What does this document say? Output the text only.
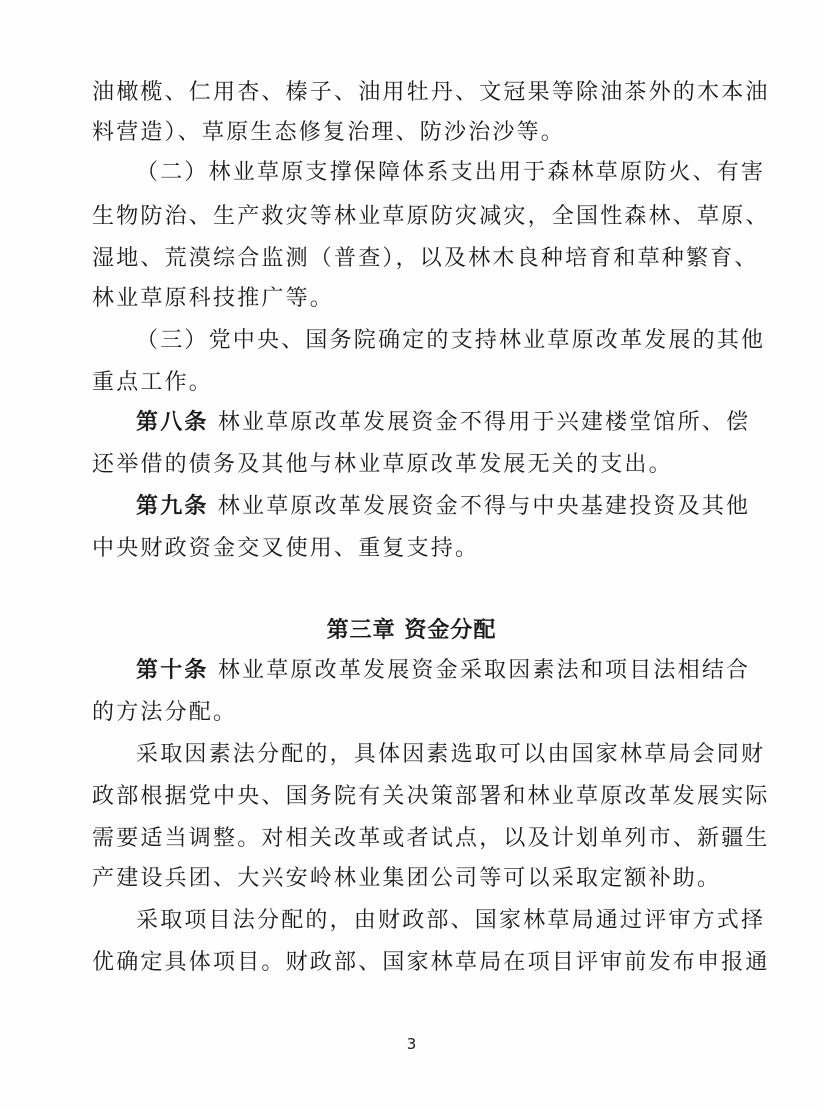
油橄榄、仁用杏、榛子、油用牡丹、文冠果等除油茶外的木本油
料营造）、草原生态修复治理、防沙治沙等。
（二）林业草原支撑保障体系支出用于森林草原防火、有害
生物防治、生产救灾等林业草原防灾减灾，全国性森林、草原、
湿地、荒漠综合监测（普查），以及林木良种培育和草种繁育、
林业草原科技推广等。
（三）党中央、国务院确定的支持林业草原改革发展的其他
重点工作。
第八条 林业草原改革发展资金不得用于兴建楼堂馆所、偿
还举借的债务及其他与林业草原改革发展无关的支出。
第九条 林业草原改革发展资金不得与中央基建投资及其他
中央财政资金交叉使用、重复支持。
第三章 资金分配
第十条 林业草原改革发展资金采取因素法和项目法相结合
的方法分配。
采取因素法分配的，具体因素选取可以由国家林草局会同财
政部根据党中央、国务院有关决策部署和林业草原改革发展实际
需要适当调整。对相关改革或者试点，以及计划单列市、新疆生
产建设兵团、大兴安岭林业集团公司等可以采取定额补助。
采取项目法分配的，由财政部、国家林草局通过评审方式择
优确定具体项目。财政部、国家林草局在项目评审前发布申报通
3
